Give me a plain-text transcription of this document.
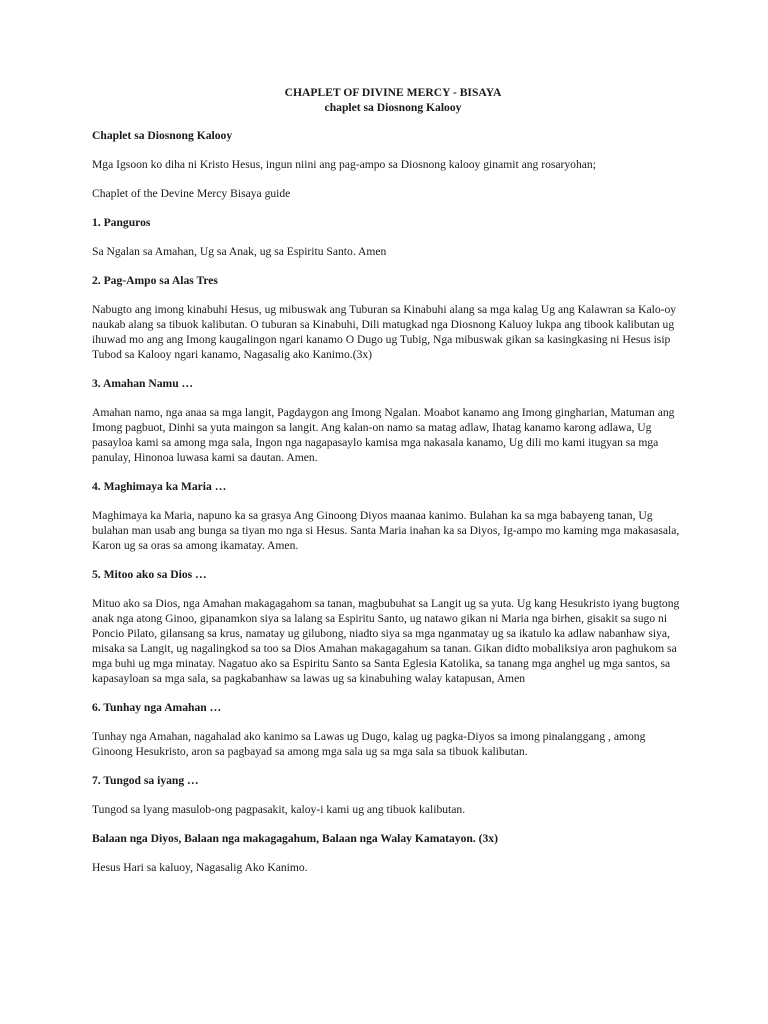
CHAPLET OF DIVINE MERCY - BISAYA
chaplet sa Diosnong Kalooy
Chaplet sa Diosnong Kalooy

Mga Igsoon ko diha ni Kristo Hesus, ingun niini ang pag-ampo sa Diosnong kalooy ginamit ang rosaryohan;

Chaplet of the Devine Mercy Bisaya guide

1. Panguros

Sa Ngalan sa Amahan, Ug sa Anak, ug sa Espiritu Santo. Amen

2. Pag-Ampo sa Alas Tres

Nabugto ang imong kinabuhi Hesus, ug mibuswak ang Tuburan sa Kinabuhi alang sa mga kalag Ug ang Kalawran sa Kalo-oy naukab alang sa tibuok kalibutan. O tuburan sa Kinabuhi, Dili matugkad nga Diosnong Kaluoy lukpa ang tibook kalibutan ug ihuwad mo ang ang Imong kaugalingon ngari kanamo O Dugo ug Tubig, Nga mibuswak gikan sa kasingkasing ni Hesus isip Tubod sa Kalooy ngari kanamo, Nagasalig ako Kanimo.(3x)

3. Amahan Namu …

Amahan namo, nga anaa sa mga langit, Pagdaygon ang Imong Ngalan. Moabot kanamo ang Imong gingharian, Matuman ang Imong pagbuot, Dinhi sa yuta maingon sa langit. Ang kalan-on namo sa matag adlaw, Ihatag kanamo karong adlawa, Ug pasayloa kami sa among mga sala, Ingon nga nagapasaylo kamisa mga nakasala kanamo, Ug dili mo kami itugyan sa mga panulay, Hinonoa luwasa kami sa dautan. Amen.

4. Maghimaya ka Maria …

Maghimaya ka Maria, napuno ka sa grasya Ang Ginoong Diyos maanaa kanimo. Bulahan ka sa mga babayeng tanan, Ug bulahan man usab ang bunga sa tiyan mo nga si Hesus. Santa Maria inahan ka sa Diyos, Ig-ampo mo kaming mga makasasala, Karon ug sa oras sa among ikamatay. Amen.

5. Mitoo ako sa Dios …

Mituo ako sa Dios, nga Amahan makagagahom sa tanan, magbubuhat sa Langit ug sa yuta. Ug kang Hesukristo iyang bugtong anak nga atong Ginoo, gipanamkon siya sa lalang sa Espiritu Santo, ug natawo gikan ni Maria nga birhen, gisakit sa sugo ni Poncio Pilato, gilansang sa krus, namatay ug gilubong, niadto siya sa mga nganmatay ug sa ikatulo ka adlaw nabanhaw siya, misaka sa Langit, ug nagalingkod sa too sa Dios Amahan makagagahum sa tanan. Gikan didto mobaliksiya aron paghukom sa mga buhi ug mga minatay. Nagatuo ako sa Espiritu Santo sa Santa Eglesia Katolika, sa tanang mga anghel ug mga santos, sa kapasayloan sa mga sala, sa pagkabanhaw sa lawas ug sa kinabuhing walay katapusan, Amen

6. Tunhay nga Amahan …

Tunhay nga Amahan, nagahalad ako kanimo sa Lawas ug Dugo, kalag ug pagka-Diyos sa imong pinalanggang , among Ginoong Hesukristo, aron sa pagbayad sa among mga sala ug sa mga sala sa tibuok kalibutan.

7. Tungod sa iyang …

Tungod sa lyang masulob-ong pagpasakit, kaloy-i kami ug ang tibuok kalibutan.

Balaan nga Diyos, Balaan nga makagagahum, Balaan nga Walay Kamatayon. (3x)

Hesus Hari sa kaluoy, Nagasalig Ako Kanimo.
